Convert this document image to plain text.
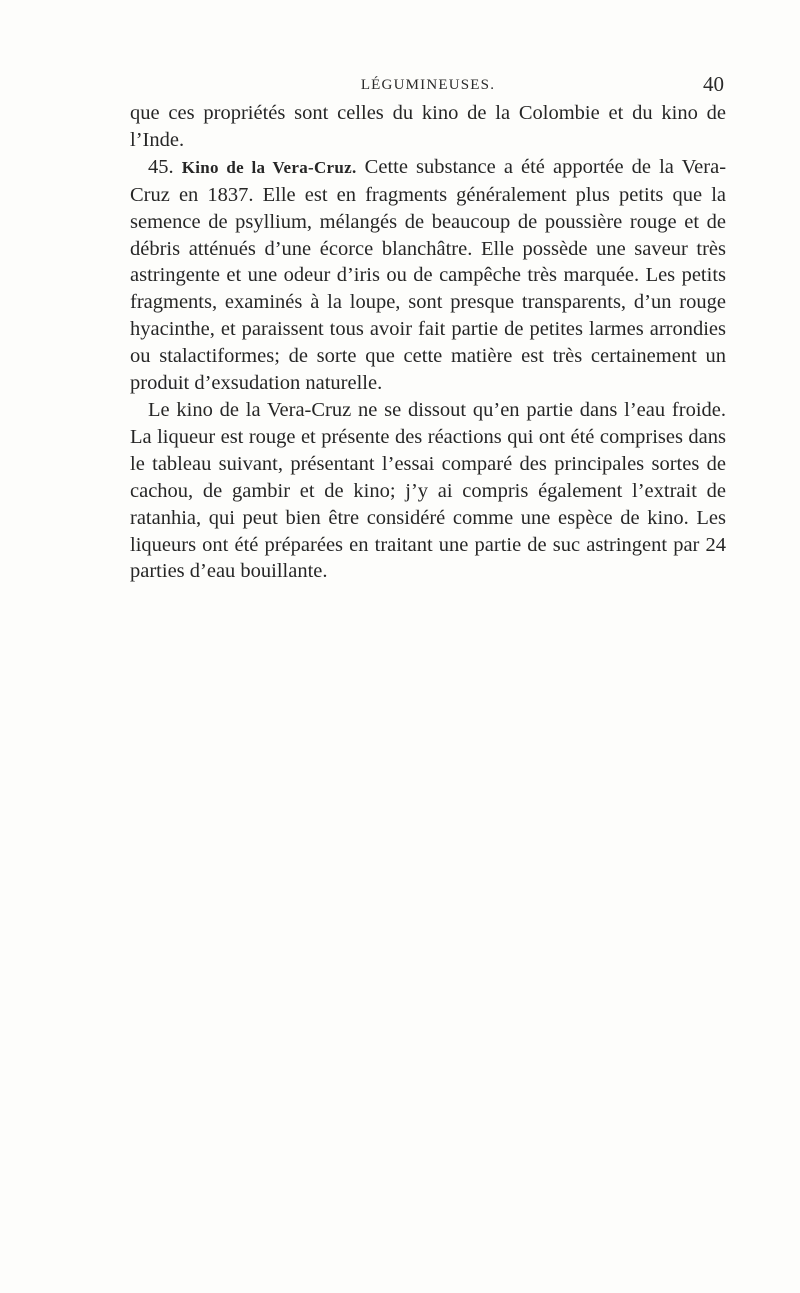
LÉGUMINEUSES.	40

que ces propriétés sont celles du kino de la Colombie et du kino de l’Inde.

45. Kino de la Vera-Cruz. Cette substance a été apportée de la Vera-Cruz en 1837. Elle est en fragments généralement plus petits que la semence de psyllium, mélangés de beaucoup de poussière rouge et de débris atténués d’une écorce blanchâtre. Elle possède une saveur très astringente et une odeur d’iris ou de campêche très marquée. Les petits fragments, examinés à la loupe, sont presque transparents, d’un rouge hyacinthe, et paraissent tous avoir fait partie de petites larmes arrondies ou stalactiformes; de sorte que cette matière est très certainement un produit d’exsudation naturelle.

Le kino de la Vera-Cruz ne se dissout qu’en partie dans l’eau froide. La liqueur est rouge et présente des réactions qui ont été comprises dans le tableau suivant, présentant l’essai comparé des principales sortes de cachou, de gambir et de kino; j’y ai compris également l’extrait de ratanhia, qui peut bien être considéré comme une espèce de kino. Les liqueurs ont été préparées en traitant une partie de suc astringent par 24 parties d’eau bouillante.
